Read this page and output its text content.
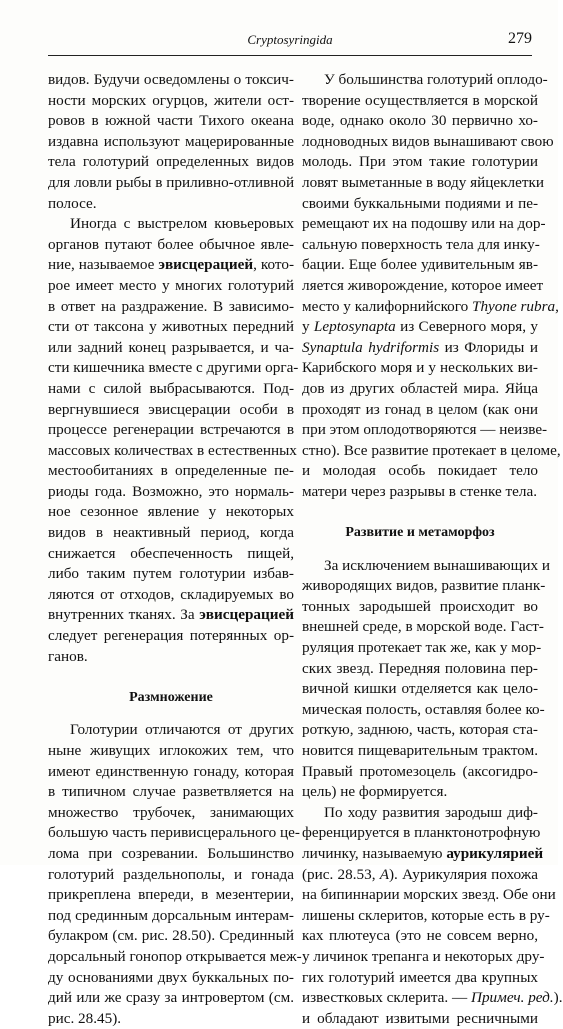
Cryptosyringida	279
видов. Будучи осведомлены о токсич-
ности морских огурцов, жители ост-
ровов в южной части Тихого океана
издавна используют мацерированные
тела голотурий определенных видов
для ловли рыбы в приливно-отливной
полосе.
Иногда с выстрелом кювьеровых
органов путают более обычное явле-
ние, называемое эвисцерацией, кото-
рое имеет место у многих голотурий
в ответ на раздражение. В зависимо-
сти от таксона у животных передний
или задний конец разрывается, и ча-
сти кишечника вместе с другими орга-
нами с силой выбрасываются. Под-
вергнувшиеся эвисцерации особи в
процессе регенерации встречаются в
массовых количествах в естественных
местообитаниях в определенные пе-
риоды года. Возможно, это нормаль-
ное сезонное явление у некоторых
видов в неактивный период, когда
снижается обеспеченность пищей,
либо таким путем голотурии избав-
ляются от отходов, складируемых во
внутренних тканях. За эвисцерацией
следует регенерация потерянных ор-
ганов.
Размножение
Голотурии отличаются от других
ныне живущих иглокожих тем, что
имеют единственную гонаду, которая
в типичном случае разветвляется на
множество трубочек, занимающих
большую часть перивисцерального це-
лома при созревании. Большинство
голотурий раздельнополы, и гонада
прикреплена впереди, в мезентерии,
под срединным дорсальным интерам-
булакром (см. рис. 28.50). Срединный
дорсальный гонопор открывается меж-
ду основаниями двух буккальных по-
дий или же сразу за интровертом (см.
рис. 28.45).
У большинства голотурий оплодо-
творение осуществляется в морской
воде, однако около 30 первично хо-
лодноводных видов вынашивают свою
молодь. При этом такие голотурии
ловят выметанные в воду яйцеклетки
своими буккальными подиями и пе-
ремещают их на подошву или на дор-
сальную поверхность тела для инку-
бации. Еще более удивительным яв-
ляется живорождение, которое имеет
место у калифорнийского Thyone rubra,
у Leptosynapta из Северного моря, у
Synaptula hydriformis из Флориды и
Карибского моря и у нескольких ви-
дов из других областей мира. Яйца
проходят из гонад в целом (как они
при этом оплодотворяются — неизве-
стно). Все развитие протекает в целоме,
и молодая особь покидает тело
матери через разрывы в стенке тела.
Развитие и метаморфоз
За исключением вынашивающих и
живородящих видов, развитие планк-
тонных зародышей происходит во
внешней среде, в морской воде. Гаст-
руляция протекает так же, как у мор-
ских звезд. Передняя половина пер-
вичной кишки отделяется как цело-
мическая полость, оставляя более ко-
роткую, заднюю, часть, которая ста-
новится пищеварительным трактом.
Правый протомезоцель (аксогидро-
цель) не формируется.
По ходу развития зародыш диф-
ференцируется в планктонотрофную
личинку, называемую аурикулярией
(рис. 28.53, А). Аурикулярия похожа
на бипиннарии морских звезд. Обе они
лишены склеритов, которые есть в ру-
ках плютеуса (это не совсем верно,
у личинок трепанга и некоторых дру-
гих голотурий имеется два крупных
известковых склерита. — Примеч. ред.).
и обладают извитыми ресничными
